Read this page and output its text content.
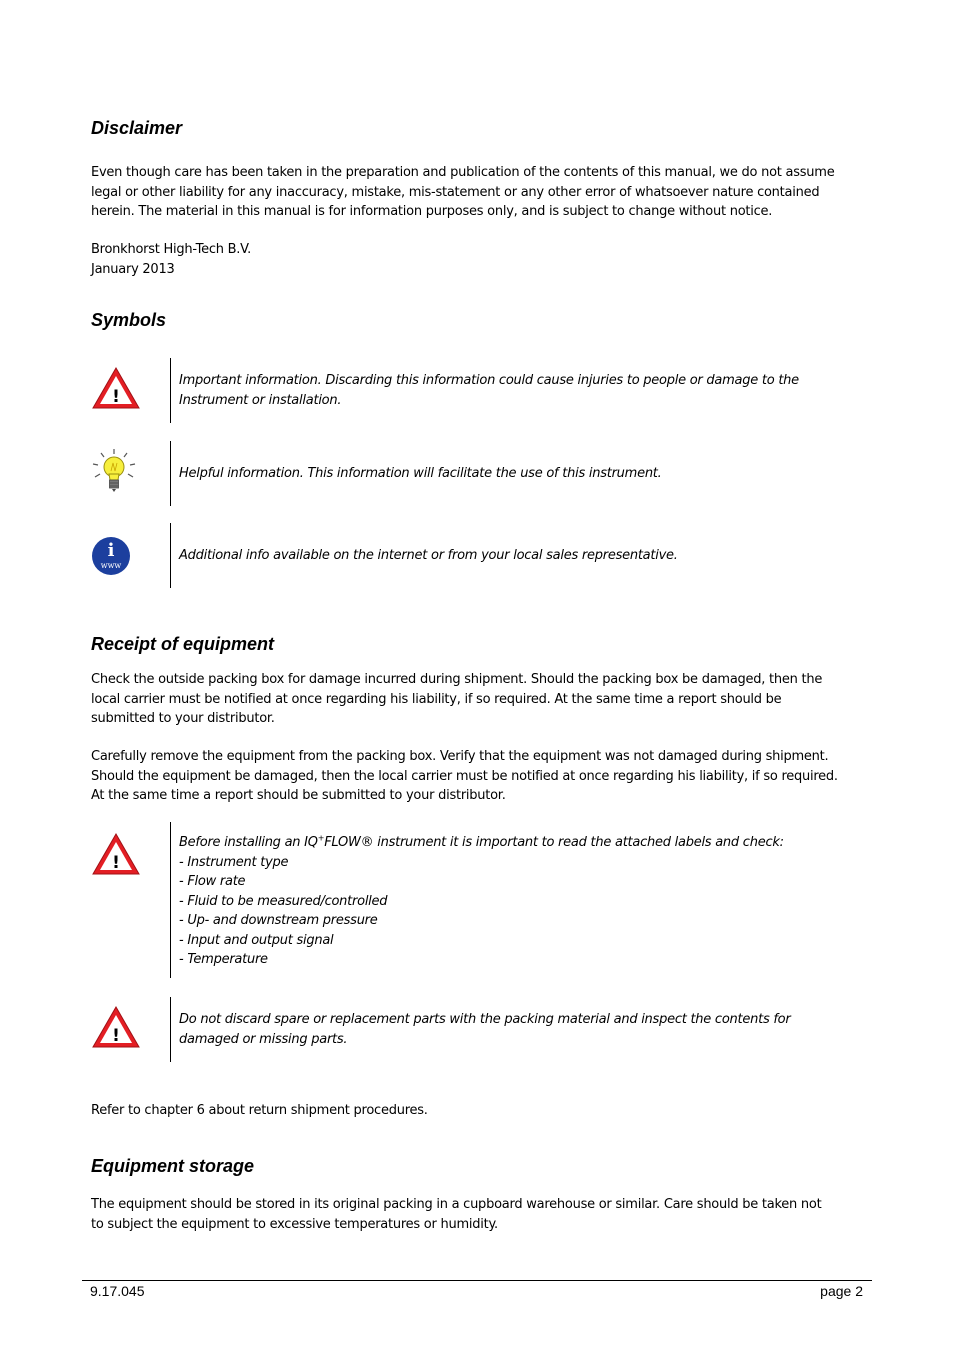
Disclaimer

Even though care has been taken in the preparation and publication of the contents of this manual, we do not assume

legal or other liability for any inaccuracy, mistake, mis-statement or any other error of whatsoever nature contained

herein. The material in this manual is for information purposes only, and is subject to change without notice.

Bronkhorst High-Tech B.V.

January 2013

Symbols
!
Important information. Discarding this information could cause injuries to people or damage to the
Instrument or installation.
Helpful information. This information will facilitate the use of this instrument.
i
www
Additional info available on the internet or from your local sales representative.
Receipt of equipment

Check the outside packing box for damage incurred during shipment. Should the packing box be damaged, then the

local carrier must be notified at once regarding his liability, if so required. At the same time a report should be

submitted to your distributor.

Carefully remove the equipment from the packing box. Verify that the equipment was not damaged during shipment.

Should the equipment be damaged, then the local carrier must be notified at once regarding his liability, if so required.

At the same time a report should be submitted to your distributor.

!
Before installing an IQ+FLOW® instrument it is important to read the attached labels and check:
- Instrument type
- Flow rate
- Fluid to be measured/controlled
- Up- and downstream pressure
- Input and output signal
- Temperature
!
Do not discard spare or replacement parts with the packing material and inspect the contents for
damaged or missing parts.

Refer to chapter 6 about return shipment procedures.

Equipment storage

The equipment should be stored in its original packing in a cupboard warehouse or similar. Care should be taken not

to subject the equipment to excessive temperatures or humidity.

9.17.045	page 2
